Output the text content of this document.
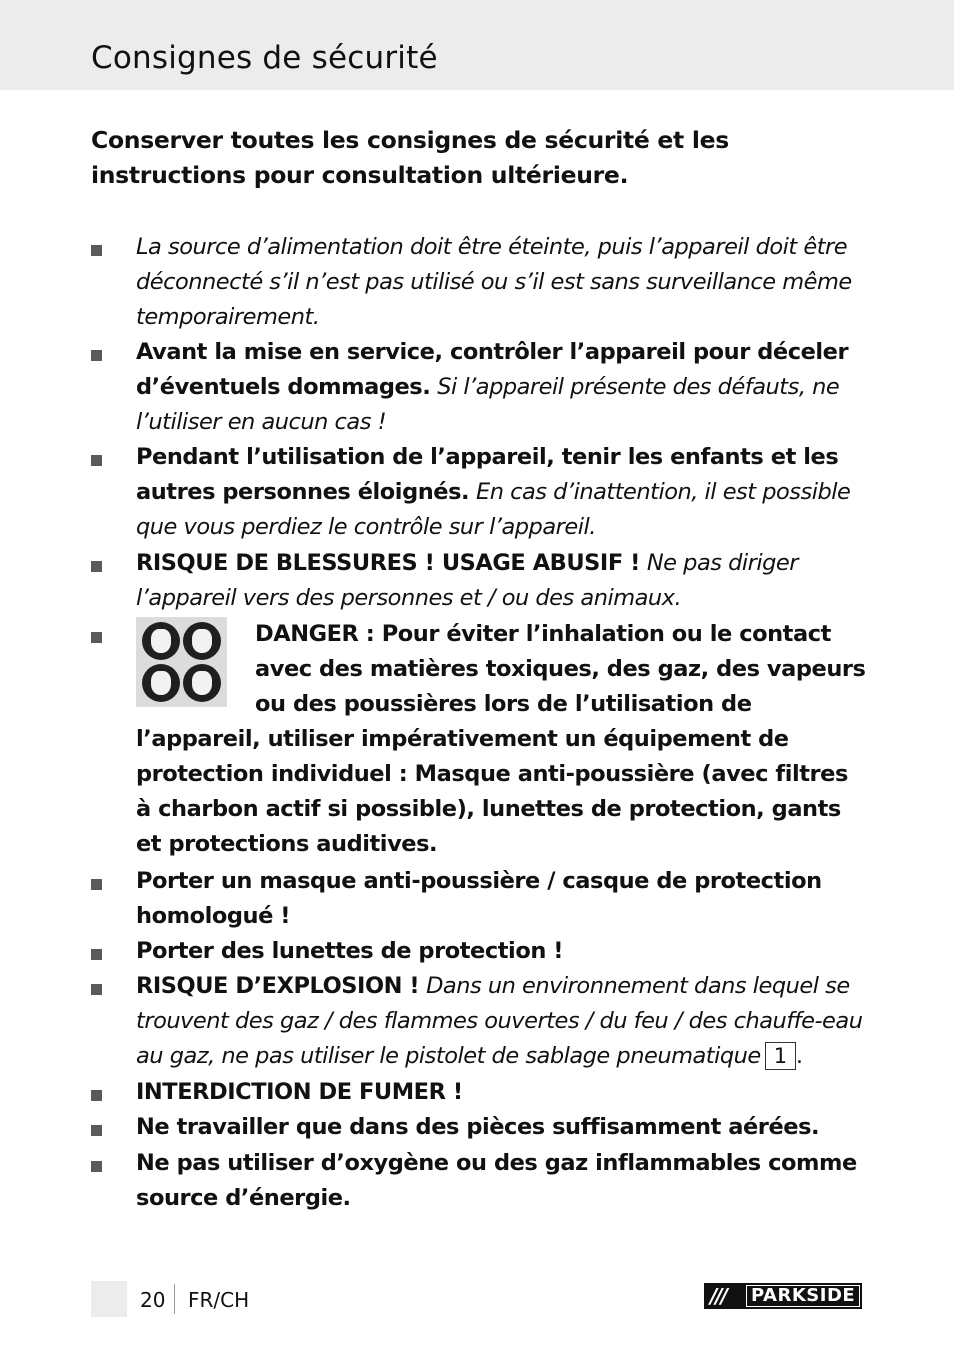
Consignes de sécurité

Conserver toutes les consignes de sécurité et les instructions pour consultation ultérieure.

La source d’alimentation doit être éteinte, puis l’appareil doit être déconnecté s’il n’est pas utilisé ou s’il est sans surveillance même temporairement.
Avant la mise en service, contrôler l’appareil pour déceler d’éventuels dommages. Si l’appareil présente des défauts, ne l’utiliser en aucun cas !
Pendant l’utilisation de l’appareil, tenir les enfants et les autres personnes éloignés. En cas d’inattention, il est possible que vous perdiez le contrôle sur l’appareil.
RISQUE DE BLESSURES ! USAGE ABUSIF ! Ne pas diriger l’appareil vers des personnes et / ou des animaux.
DANGER : Pour éviter l’inhalation ou le contact avec des matières toxiques, des gaz, des vapeurs ou des poussières lors de l’utilisation de l’appareil, utiliser impérativement un équipement de protection individuel : Masque anti-poussière (avec filtres à charbon actif si possible), lunettes de protection, gants et protections auditives.
Porter un masque anti-poussière / casque de protection homologué !
Porter des lunettes de protection !
RISQUE D’EXPLOSION ! Dans un environnement dans lequel se trouvent des gaz / des flammes ouvertes / du feu / des chauffe-eau au gaz, ne pas utiliser le pistolet de sablage pneumatique 1 .
INTERDICTION DE FUMER !
Ne travailler que dans des pièces suffisamment aérées.
Ne pas utiliser d’oxygène ou des gaz inflammables comme source d’énergie.
20 FR/CH	///	PARKSIDE
